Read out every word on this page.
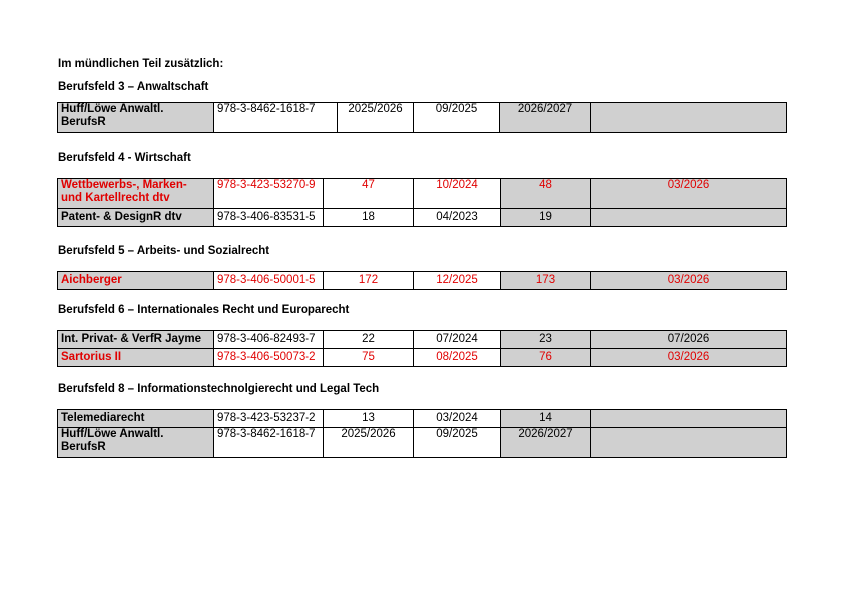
Im mündlichen Teil zusätzlich:
Berufsfeld 3 – Anwaltschaft
Huff/Löwe Anwaltl. BerufsR	978-3-8462-1618-7	2025/2026	09/2025	2026/2027	
Berufsfeld 4 - Wirtschaft
Wettbewerbs-, Marken- und Kartellrecht dtv	978-3-423-53270-9	47	10/2024	48	03/2026
Patent- & DesignR dtv	978-3-406-83531-5	18	04/2023	19	
Berufsfeld 5 – Arbeits- und Sozialrecht
Aichberger	978-3-406-50001-5	172	12/2025	173	03/2026
Berufsfeld 6 – Internationales Recht und Europarecht
Int. Privat- & VerfR Jayme	978-3-406-82493-7	22	07/2024	23	07/2026
Sartorius II	978-3-406-50073-2	75	08/2025	76	03/2026
Berufsfeld 8 – Informationstechnolgierecht und Legal Tech
Telemediarecht	978-3-423-53237-2	13	03/2024	14	
Huff/Löwe Anwaltl. BerufsR	978-3-8462-1618-7	2025/2026	09/2025	2026/2027	
